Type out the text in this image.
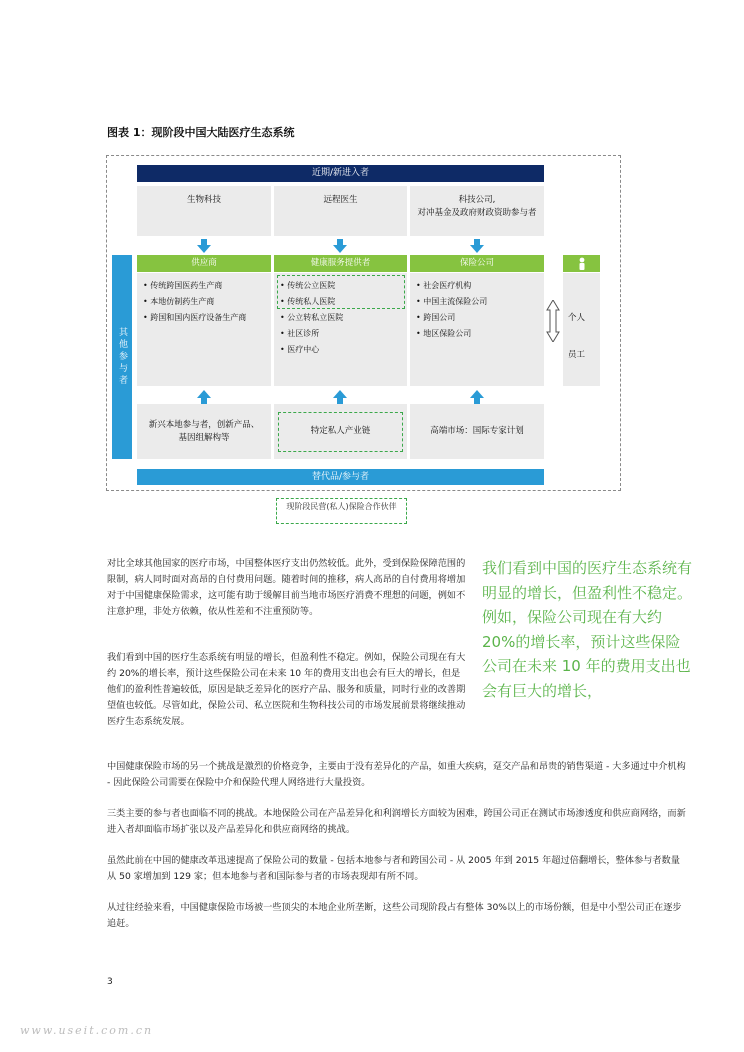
图表 1：现阶段中国大陆医疗生态系统
近期/新进入者
生物科技	远程医生	科技公司,
对冲基金及政府财政资助参与者
其他参与者
供应商	健康服务提供者	保险公司
• 传统跨国医药生产商
• 本地仿制药生产商
• 跨国和国内医疗设备生产商
• 传统公立医院
• 传统私人医院
• 公立转私立医院
• 社区诊所
• 医疗中心
• 社会医疗机构
• 中国主流保险公司
• 跨国公司
• 地区保险公司
个人
员工
新兴本地参与者，创新产品、
基因组解构等
特定私人产业链	高端市场：国际专家计划
替代品/参与者
现阶段民营(私人)保险合作伙伴
对比全球其他国家的医疗市场，中国整体医疗支出仍然较低。此外，受到保险保障范围的限制，病人同时面对高昂的自付费用问题。随着时间的推移，病人高昂的自付费用将增加对于中国健康保险需求，这可能有助于缓解目前当地市场医疗消费不理想的问题，例如不注意护理，非处方依赖，依从性差和不注重预防等。
我们看到中国的医疗生态系统有明显的增长，但盈利性不稳定。例如，保险公司现在有大约 20%的增长率，预计这些保险公司在未来 10 年的费用支出也会有巨大的增长，但是他们的盈利性普遍较低，原因是缺乏差异化的医疗产品、服务和质量，同时行业的改善期望值也较低。尽管如此，保险公司、私立医院和生物科技公司的市场发展前景将继续推动医疗生态系统发展。
我们看到中国的医疗生态系统有明显的增长，但盈利性不稳定。例如，保险公司现在有大约 20%的增长率，预计这些保险公司在未来 10 年的费用支出也会有巨大的增长，
中国健康保险市场的另一个挑战是激烈的价格竞争，主要由于没有差异化的产品，如重大疾病，趸交产品和昂贵的销售渠道 - 大多通过中介机构 - 因此保险公司需要在保险中介和保险代理人网络进行大量投资。
三类主要的参与者也面临不同的挑战。本地保险公司在产品差异化和利润增长方面较为困难，跨国公司正在测试市场渗透度和供应商网络，而新进入者却面临市场扩张以及产品差异化和供应商网络的挑战。
虽然此前在中国的健康改革迅速提高了保险公司的数量 - 包括本地参与者和跨国公司 - 从 2005 年到 2015 年超过倍翻增长，整体参与者数量从 50 家增加到 129 家；但本地参与者和国际参与者的市场表现却有所不同。
从过往经验来看，中国健康保险市场被一些顶尖的本地企业所垄断，这些公司现阶段占有整体 30%以上的市场份额，但是中小型公司正在逐步追赶。
3
www.useit.com.cn
